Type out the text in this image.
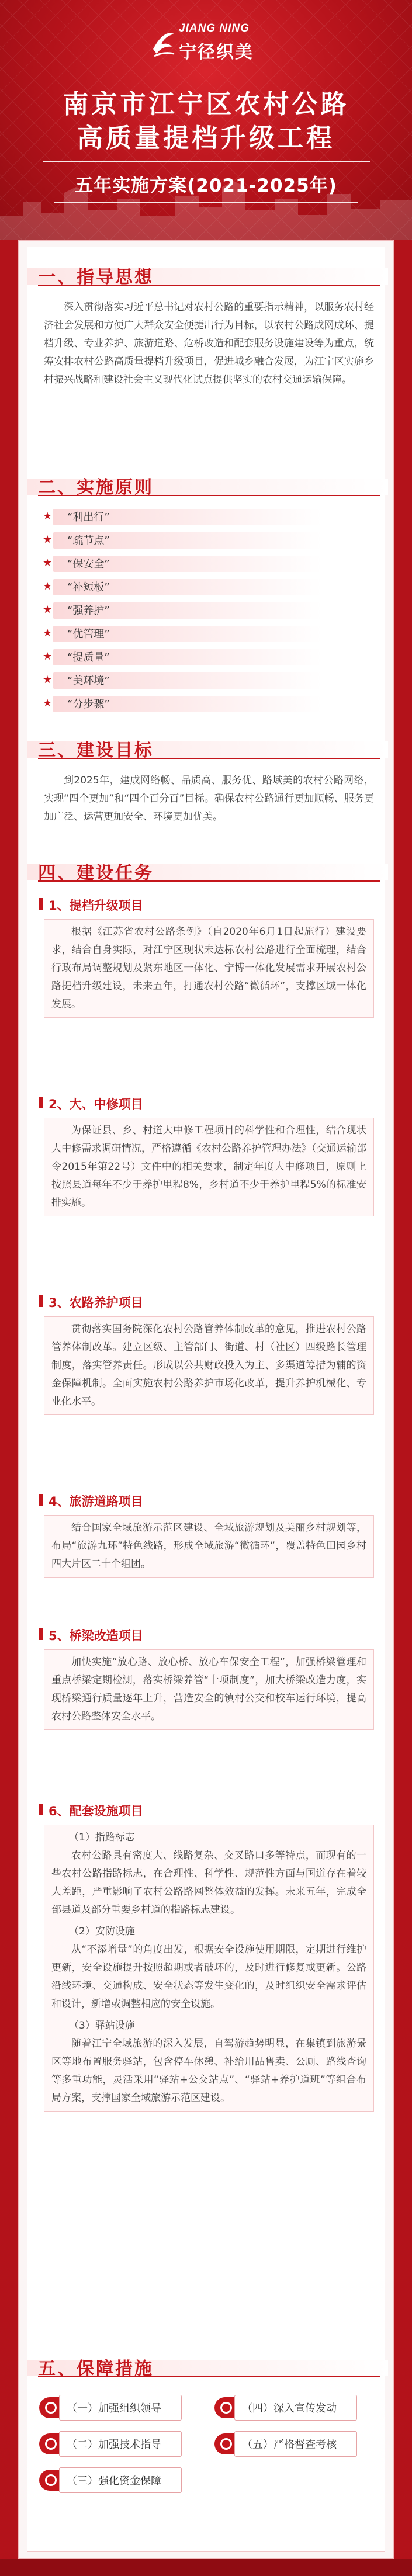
JIANG NING
宁径织美
南京市江宁区农村公路
高质量提档升级工程
五年实施方案(2021-2025年)
一、指导思想
深入贯彻落实习近平总书记对农村公路的重要指示精神，以服务农村经济社会发展和方便广大群众安全便捷出行为目标，以农村公路成网成环、提档升级、专业养护、旅游道路、危桥改造和配套服务设施建设等为重点，统筹安排农村公路高质量提档升级项目，促进城乡融合发展，为江宁区实施乡村振兴战略和建设社会主义现代化试点提供坚实的农村交通运输保障。
二、实施原则
★ “利出行”
★ “疏节点”
★ “保安全”
★ “补短板”
★ “强养护”
★ “优管理”
★ “提质量”
★ “美环境”
★ “分步骤”
三、建设目标
到2025年，建成网络畅、品质高、服务优、路域美的农村公路网络，实现“四个更加”和“四个百分百”目标。确保农村公路通行更加顺畅、服务更加广泛、运营更加安全、环境更加优美。
四、建设任务
1、提档升级项目
根据《江苏省农村公路条例》（自2020年6月1日起施行）建设要求，结合自身实际，对江宁区现状未达标农村公路进行全面梳理，结合行政布局调整规划及紧东地区一体化、宁博一体化发展需求开展农村公路提档升级建设，未来五年，打通农村公路“微循环”，支撑区域一体化发展。
2、大、中修项目
为保证县、乡、村道大中修工程项目的科学性和合理性，结合现状大中修需求调研情况，严格遵循《农村公路养护管理办法》（交通运输部令2015年第22号）文件中的相关要求，制定年度大中修项目，原则上按照县道每年不少于养护里程8%，乡村道不少于养护里程5%的标准安排实施。
3、农路养护项目
贯彻落实国务院深化农村公路管养体制改革的意见，推进农村公路管养体制改革。建立区级、主管部门、街道、村（社区）四级路长管理制度，落实管养责任。形成以公共财政投入为主、多渠道筹措为辅的资金保障机制。全面实施农村公路养护市场化改革，提升养护机械化、专业化水平。
4、旅游道路项目
结合国家全域旅游示范区建设、全域旅游规划及美丽乡村规划等，布局“旅游九环”特色线路，形成全域旅游“微循环”，覆盖特色田园乡村四大片区二十个组团。
5、桥梁改造项目
加快实施“放心路、放心桥、放心车保安全工程”，加强桥梁管理和重点桥梁定期检测，落实桥梁养管“十项制度”，加大桥梁改造力度，实现桥梁通行质量逐年上升，营造安全的镇村公交和校车运行环境，提高农村公路整体安全水平。
6、配套设施项目
（1）指路标志
农村公路具有密度大、线路复杂、交叉路口多等特点，而现有的一些农村公路指路标志，在合理性、科学性、规范性方面与国道存在着较大差距，严重影响了农村公路路网整体效益的发挥。未来五年，完成全部县道及部分重要乡村道的指路标志建设。
（2）安防设施
从“不添增量”的角度出发，根据安全设施使用期限，定期进行维护更新，安全设施提升按照超期或者破坏的，及时进行修复或更新。公路沿线环境、交通构成、安全状态等发生变化的，及时组织安全需求评估和设计，新增或调整相应的安全设施。
（3）驿站设施
随着江宁全域旅游的深入发展，自驾游趋势明显，在集镇到旅游景区等地布置服务驿站，包含停车休憩、补给用品售卖、公厕、路线查询等多重功能，灵活采用“驿站+公交站点”、“驿站+养护道班”等组合布局方案，支撑国家全域旅游示范区建设。
五、保障措施
（一）加强组织领导
（二）加强技术指导
（三）强化资金保障
（四）深入宣传发动
（五）严格督查考核
